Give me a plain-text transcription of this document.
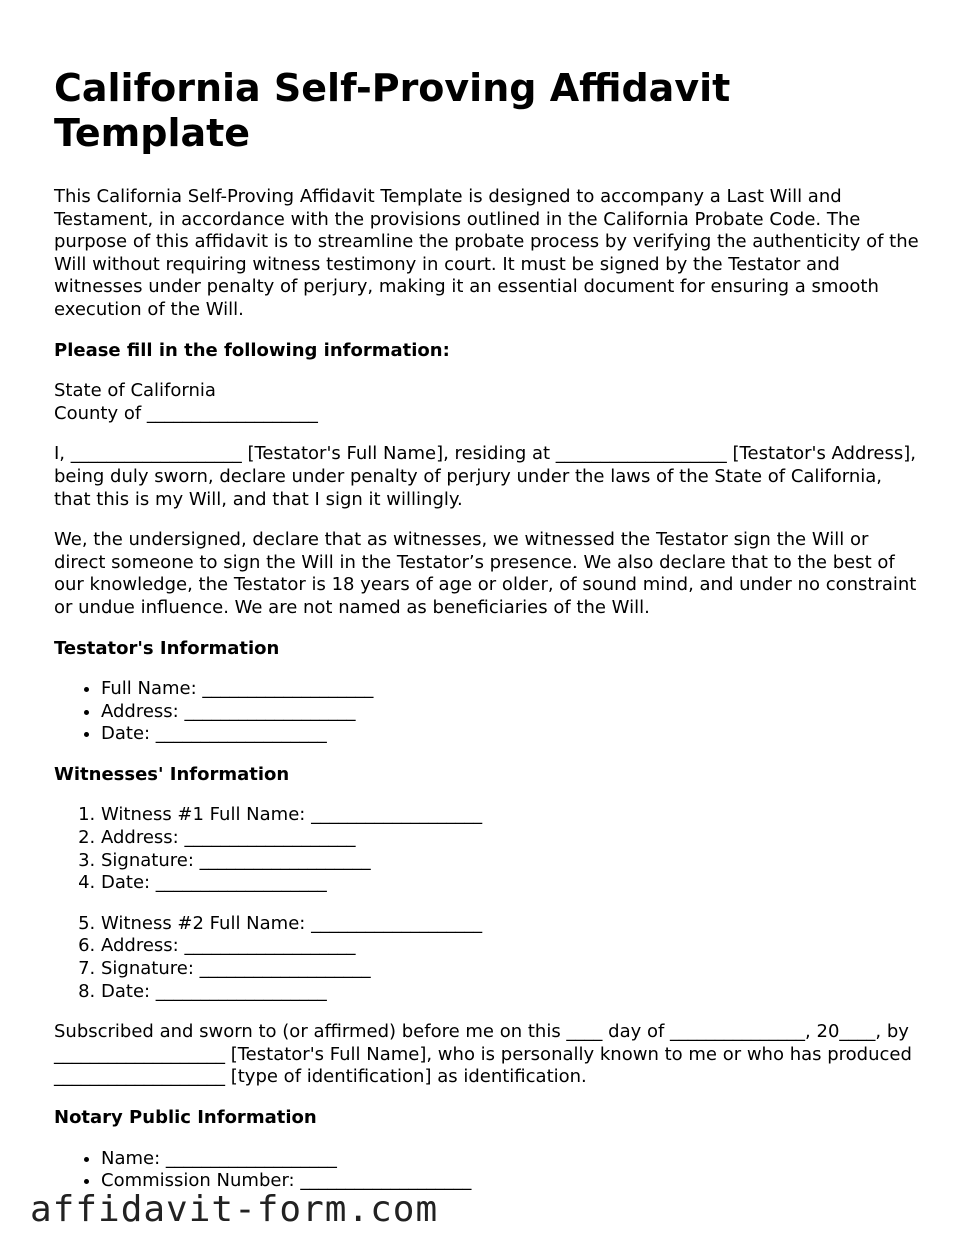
California Self-Proving Affidavit Template

This California Self-Proving Affidavit Template is designed to accompany a Last Will and Testament, in accordance with the provisions outlined in the California Probate Code. The purpose of this affidavit is to streamline the probate process by verifying the authenticity of the Will without requiring witness testimony in court. It must be signed by the Testator and witnesses under penalty of perjury, making it an essential document for ensuring a smooth execution of the Will.

Please fill in the following information:

State of California
County of ___________________

I, ___________________ [Testator's Full Name], residing at ___________________ [Testator's Address], being duly sworn, declare under penalty of perjury under the laws of the State of California, that this is my Will, and that I sign it willingly.

We, the undersigned, declare that as witnesses, we witnessed the Testator sign the Will or direct someone to sign the Will in the Testator’s presence. We also declare that to the best of our knowledge, the Testator is 18 years of age or older, of sound mind, and under no constraint or undue influence. We are not named as beneficiaries of the Will.

Testator's Information
• Full Name: ___________________
• Address: ___________________
• Date: ___________________
Witnesses' Information
1. Witness #1 Full Name: ___________________
2. Address: ___________________
3. Signature: ___________________
4. Date: ___________________
5. Witness #2 Full Name: ___________________
6. Address: ___________________
7. Signature: ___________________
8. Date: ___________________

Subscribed and sworn to (or affirmed) before me on this ____ day of _______________, 20____, by ___________________ [Testator's Full Name], who is personally known to me or who has produced ___________________ [type of identification] as identification.

Notary Public Information
• Name: ___________________
• Commission Number: ___________________
affidavit-form.com
